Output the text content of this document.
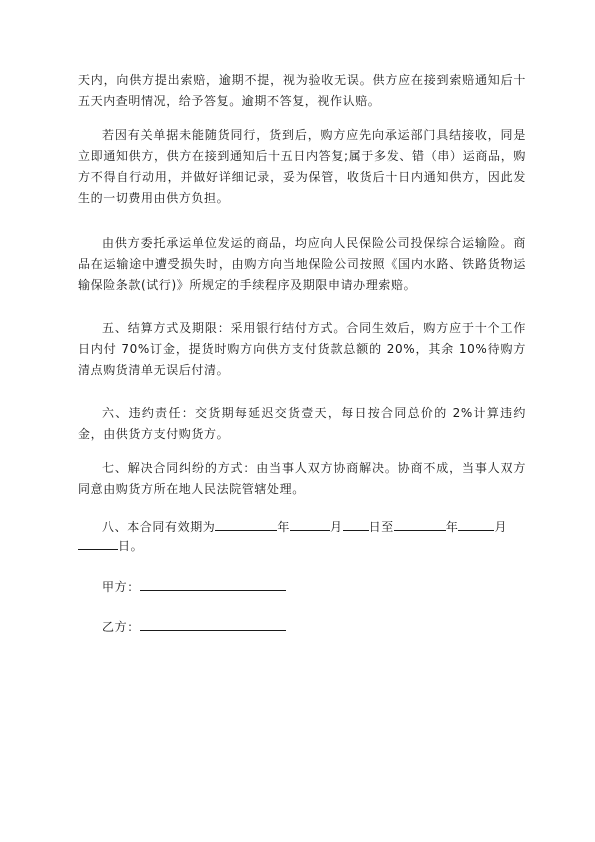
天内，向供方提出索赔，逾期不提，视为验收无误。供方应在接到索赔通知后十五天内查明情况，给予答复。逾期不答复，视作认赔。

若因有关单据未能随货同行，货到后，购方应先向承运部门具结接收，同是立即通知供方，供方在接到通知后十五日内答复;属于多发、错（串）运商品，购方不得自行动用，并做好详细记录，妥为保管，收货后十日内通知供方，因此发生的一切费用由供方负担。

由供方委托承运单位发运的商品，均应向人民保险公司投保综合运输险。商品在运输途中遭受损失时，由购方向当地保险公司按照《国内水路、铁路货物运输保险条款(试行)》所规定的手续程序及期限申请办理索赔。

五、结算方式及期限：采用银行结付方式。合同生效后，购方应于十个工作日内付 70%订金，提货时购方向供方支付货款总额的 20%，其余 10%待购方清点购货清单无误后付清。

六、违约责任：交货期每延迟交货壹天，每日按合同总价的 2%计算违约金，由供货方支付购货方。

七、解决合同纠纷的方式：由当事人双方协商解决。协商不成，当事人双方同意由购货方所在地人民法院管辖处理。

八、本合同有效期为	年	月 日至	年	月
日。
甲方：
乙方：
